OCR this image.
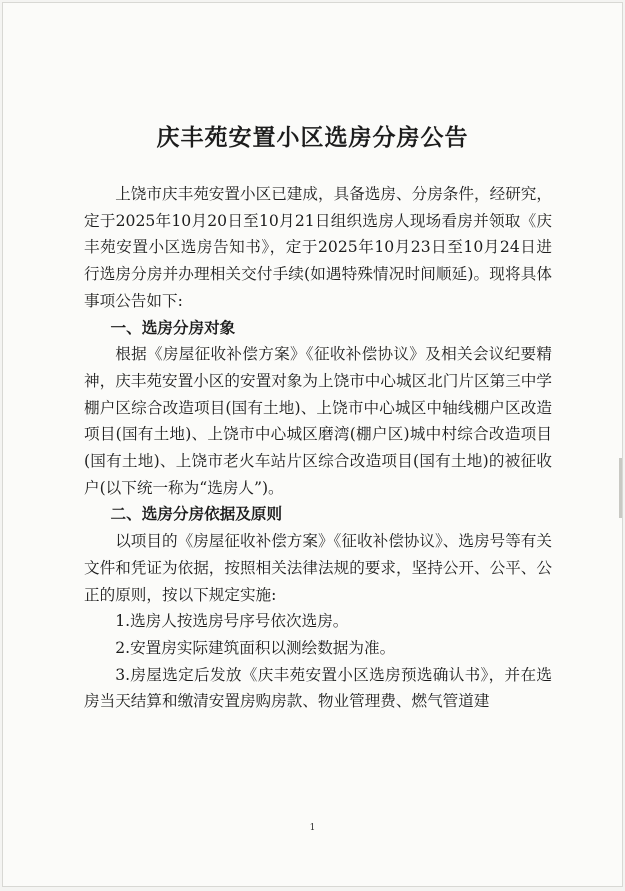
庆丰苑安置小区选房分房公告

上饶市庆丰苑安置小区已建成，具备选房、分房条件，经研究，定于2025年10月20日至10月21日组织选房人现场看房并领取《庆丰苑安置小区选房告知书》，定于2025年10月23日至10月24日进行选房分房并办理相关交付手续(如遇特殊情况时间顺延)。现将具体事项公告如下:

一、选房分房对象

根据《房屋征收补偿方案》《征收补偿协议》及相关会议纪要精神，庆丰苑安置小区的安置对象为上饶市中心城区北门片区第三中学棚户区综合改造项目(国有土地)、上饶市中心城区中轴线棚户区改造项目(国有土地)、上饶市中心城区磨湾(棚户区)城中村综合改造项目(国有土地)、上饶市老火车站片区综合改造项目(国有土地)的被征收户(以下统一称为“选房人”)。

二、选房分房依据及原则

以项目的《房屋征收补偿方案》《征收补偿协议》、选房号等有关文件和凭证为依据，按照相关法律法规的要求，坚持公开、公平、公正的原则，按以下规定实施:

1.选房人按选房号序号依次选房。

2.安置房实际建筑面积以测绘数据为准。

3.房屋选定后发放《庆丰苑安置小区选房预选确认书》，并在选房当天结算和缴清安置房购房款、物业管理费、燃气管道建

1
